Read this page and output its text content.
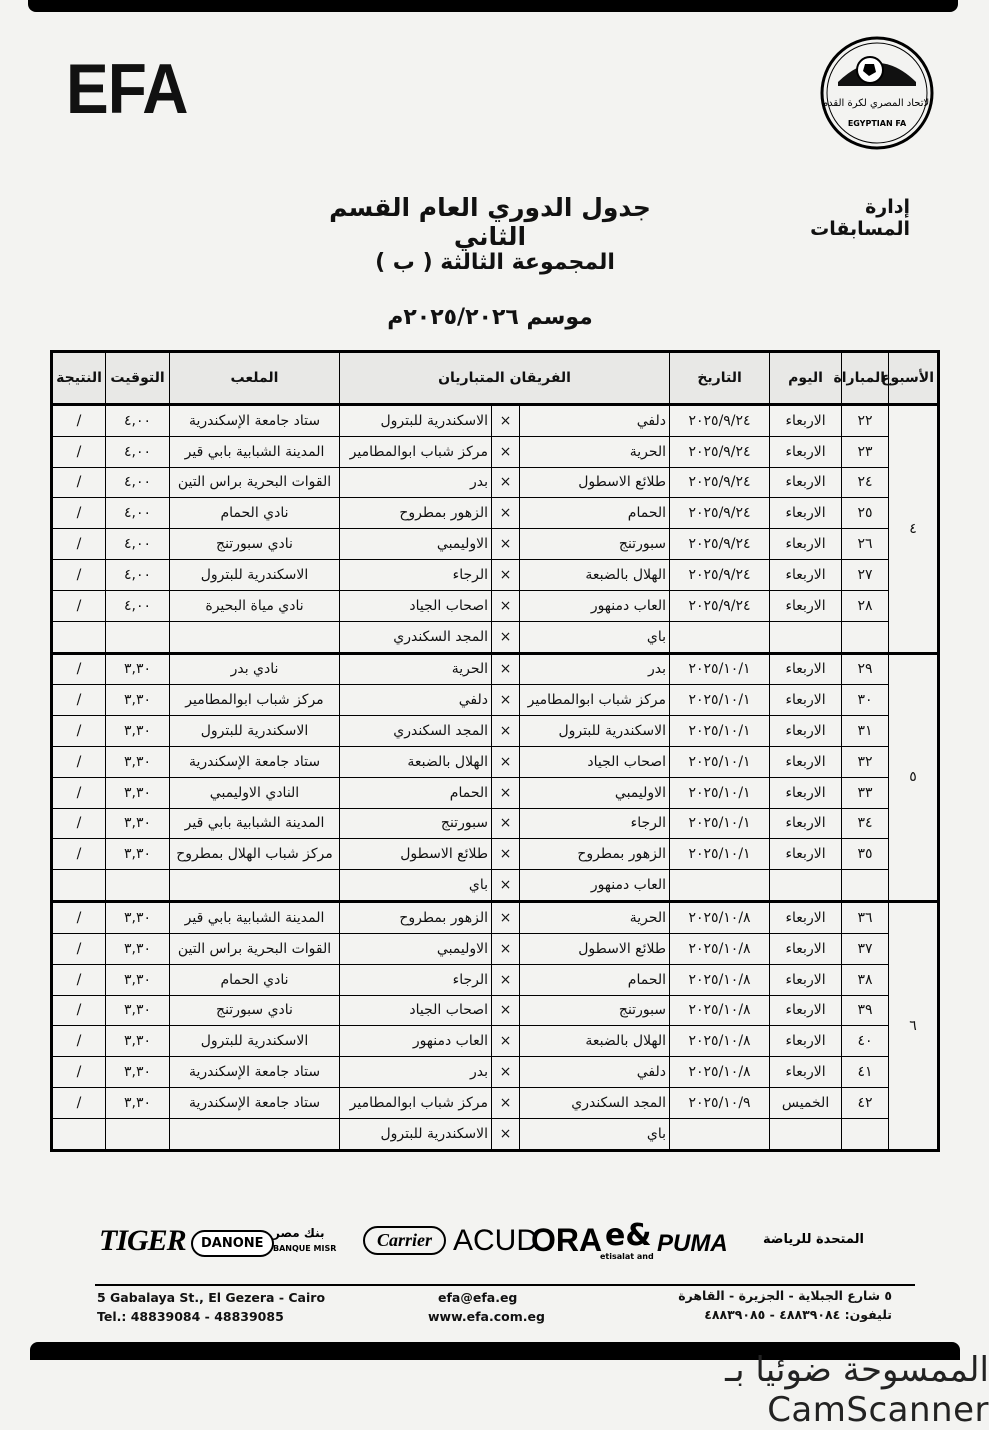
EFA	الاتحاد المصري لكرة القدم
EGYPTIAN FA
إدارة المسابقات
جدول الدوري العام القسم الثاني
المجموعة الثالثة ( ب )
موسم ٢٠٢٥/٢٠٢٦م
الأسبوع	المباراة	اليوم	التاريخ	الفريقان المتباريان			الملعب	التوقيت	النتيجة
٤	٢٢	الاربعاء	٢٠٢٥/٩/٢٤	دلفي	×	الاسكندرية للبترول	ستاد جامعة الإسكندرية	٤,٠٠	/
	٢٣	الاربعاء	٢٠٢٥/٩/٢٤	الحرية	×	مركز شباب ابوالمطامير	المدينة الشبابية بابي قير	٤,٠٠	/
	٢٤	الاربعاء	٢٠٢٥/٩/٢٤	طلائع الاسطول	×	بدر	القوات البحرية براس التين	٤,٠٠	/
	٢٥	الاربعاء	٢٠٢٥/٩/٢٤	الحمام	×	الزهور بمطروح	نادي الحمام	٤,٠٠	/
	٢٦	الاربعاء	٢٠٢٥/٩/٢٤	سبورتنج	×	الاوليمبي	نادي سبورتنج	٤,٠٠	/
	٢٧	الاربعاء	٢٠٢٥/٩/٢٤	الهلال بالضبعة	×	الرجاء	الاسكندرية للبترول	٤,٠٠	/
	٢٨	الاربعاء	٢٠٢٥/٩/٢٤	العاب دمنهور	×	اصحاب الجياد	نادي مياة البحيرة	٤,٠٠	/
				باي	×	المجد السكندري			
٥	٢٩	الاربعاء	٢٠٢٥/١٠/١	بدر	×	الحرية	نادي بدر	٣,٣٠	/
	٣٠	الاربعاء	٢٠٢٥/١٠/١	مركز شباب ابوالمطامير	×	دلفي	مركز شباب ابوالمطامير	٣,٣٠	/
	٣١	الاربعاء	٢٠٢٥/١٠/١	الاسكندرية للبترول	×	المجد السكندري	الاسكندرية للبترول	٣,٣٠	/
	٣٢	الاربعاء	٢٠٢٥/١٠/١	اصحاب الجياد	×	الهلال بالضبعة	ستاد جامعة الإسكندرية	٣,٣٠	/
	٣٣	الاربعاء	٢٠٢٥/١٠/١	الاوليمبي	×	الحمام	النادي الاوليمبي	٣,٣٠	/
	٣٤	الاربعاء	٢٠٢٥/١٠/١	الرجاء	×	سبورتنج	المدينة الشبابية بابي قير	٣,٣٠	/
	٣٥	الاربعاء	٢٠٢٥/١٠/١	الزهور بمطروح	×	طلائع الاسطول	مركز شباب الهلال بمطروح	٣,٣٠	/
				العاب دمنهور	×	باي			
٦	٣٦	الاربعاء	٢٠٢٥/١٠/٨	الحرية	×	الزهور بمطروح	المدينة الشبابية بابي قير	٣,٣٠	/
	٣٧	الاربعاء	٢٠٢٥/١٠/٨	طلائع الاسطول	×	الاوليمبي	القوات البحرية براس التين	٣,٣٠	/
	٣٨	الاربعاء	٢٠٢٥/١٠/٨	الحمام	×	الرجاء	نادي الحمام	٣,٣٠	/
	٣٩	الاربعاء	٢٠٢٥/١٠/٨	سبورتنج	×	اصحاب الجياد	نادي سبورتنج	٣,٣٠	/
	٤٠	الاربعاء	٢٠٢٥/١٠/٨	الهلال بالضبعة	×	العاب دمنهور	الاسكندرية للبترول	٣,٣٠	/
	٤١	الاربعاء	٢٠٢٥/١٠/٨	دلفي	×	بدر	ستاد جامعة الإسكندرية	٣,٣٠	/
	٤٢	الخميس	٢٠٢٥/١٠/٩	المجد السكندري	×	مركز شباب ابوالمطامير	ستاد جامعة الإسكندرية	٣,٣٠	/
				باي	×	الاسكندرية للبترول			
TIGER	DANONE
بنك مصر
BANQUE MISR	Carrier ACUD
ORA
etisalat and
e& PUMA	المتحدة للرياضة
5 Gabalaya St., El Gezera - Cairo
Tel.: 48839084 - 48839085
efa@efa.eg
www.efa.com.eg
٥ شارع الجبلاية - الجزيرة - القاهرة
تليفون: ٤٨٨٣٩٠٨٤ - ٤٨٨٣٩٠٨٥
الممسوحة ضوئيا بـ CamScanner
